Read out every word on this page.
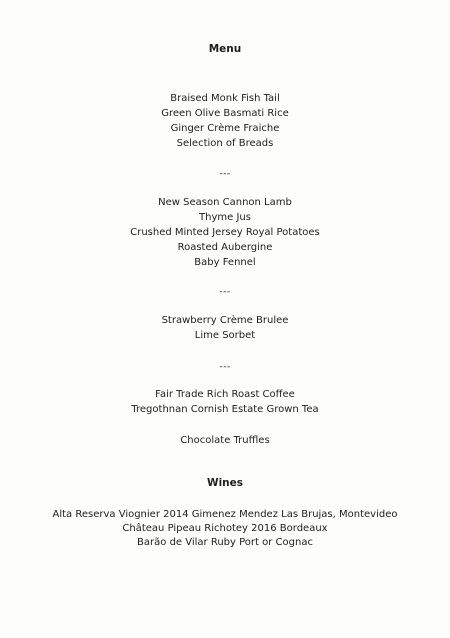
Menu
Braised Monk Fish Tail
Green Olive Basmati Rice
Ginger Crème Fraiche
Selection of Breads
---
New Season Cannon Lamb
Thyme Jus
Crushed Minted Jersey Royal Potatoes
Roasted Aubergine
Baby Fennel
---
Strawberry Crème Brulee
Lime Sorbet
---
Fair Trade Rich Roast Coffee
Tregothnan Cornish Estate Grown Tea
Chocolate Truffles
Wines
Alta Reserva Viognier 2014 Gimenez Mendez Las Brujas, Montevideo
Château Pipeau Richotey 2016 Bordeaux
Barão de Vilar Ruby Port or Cognac
